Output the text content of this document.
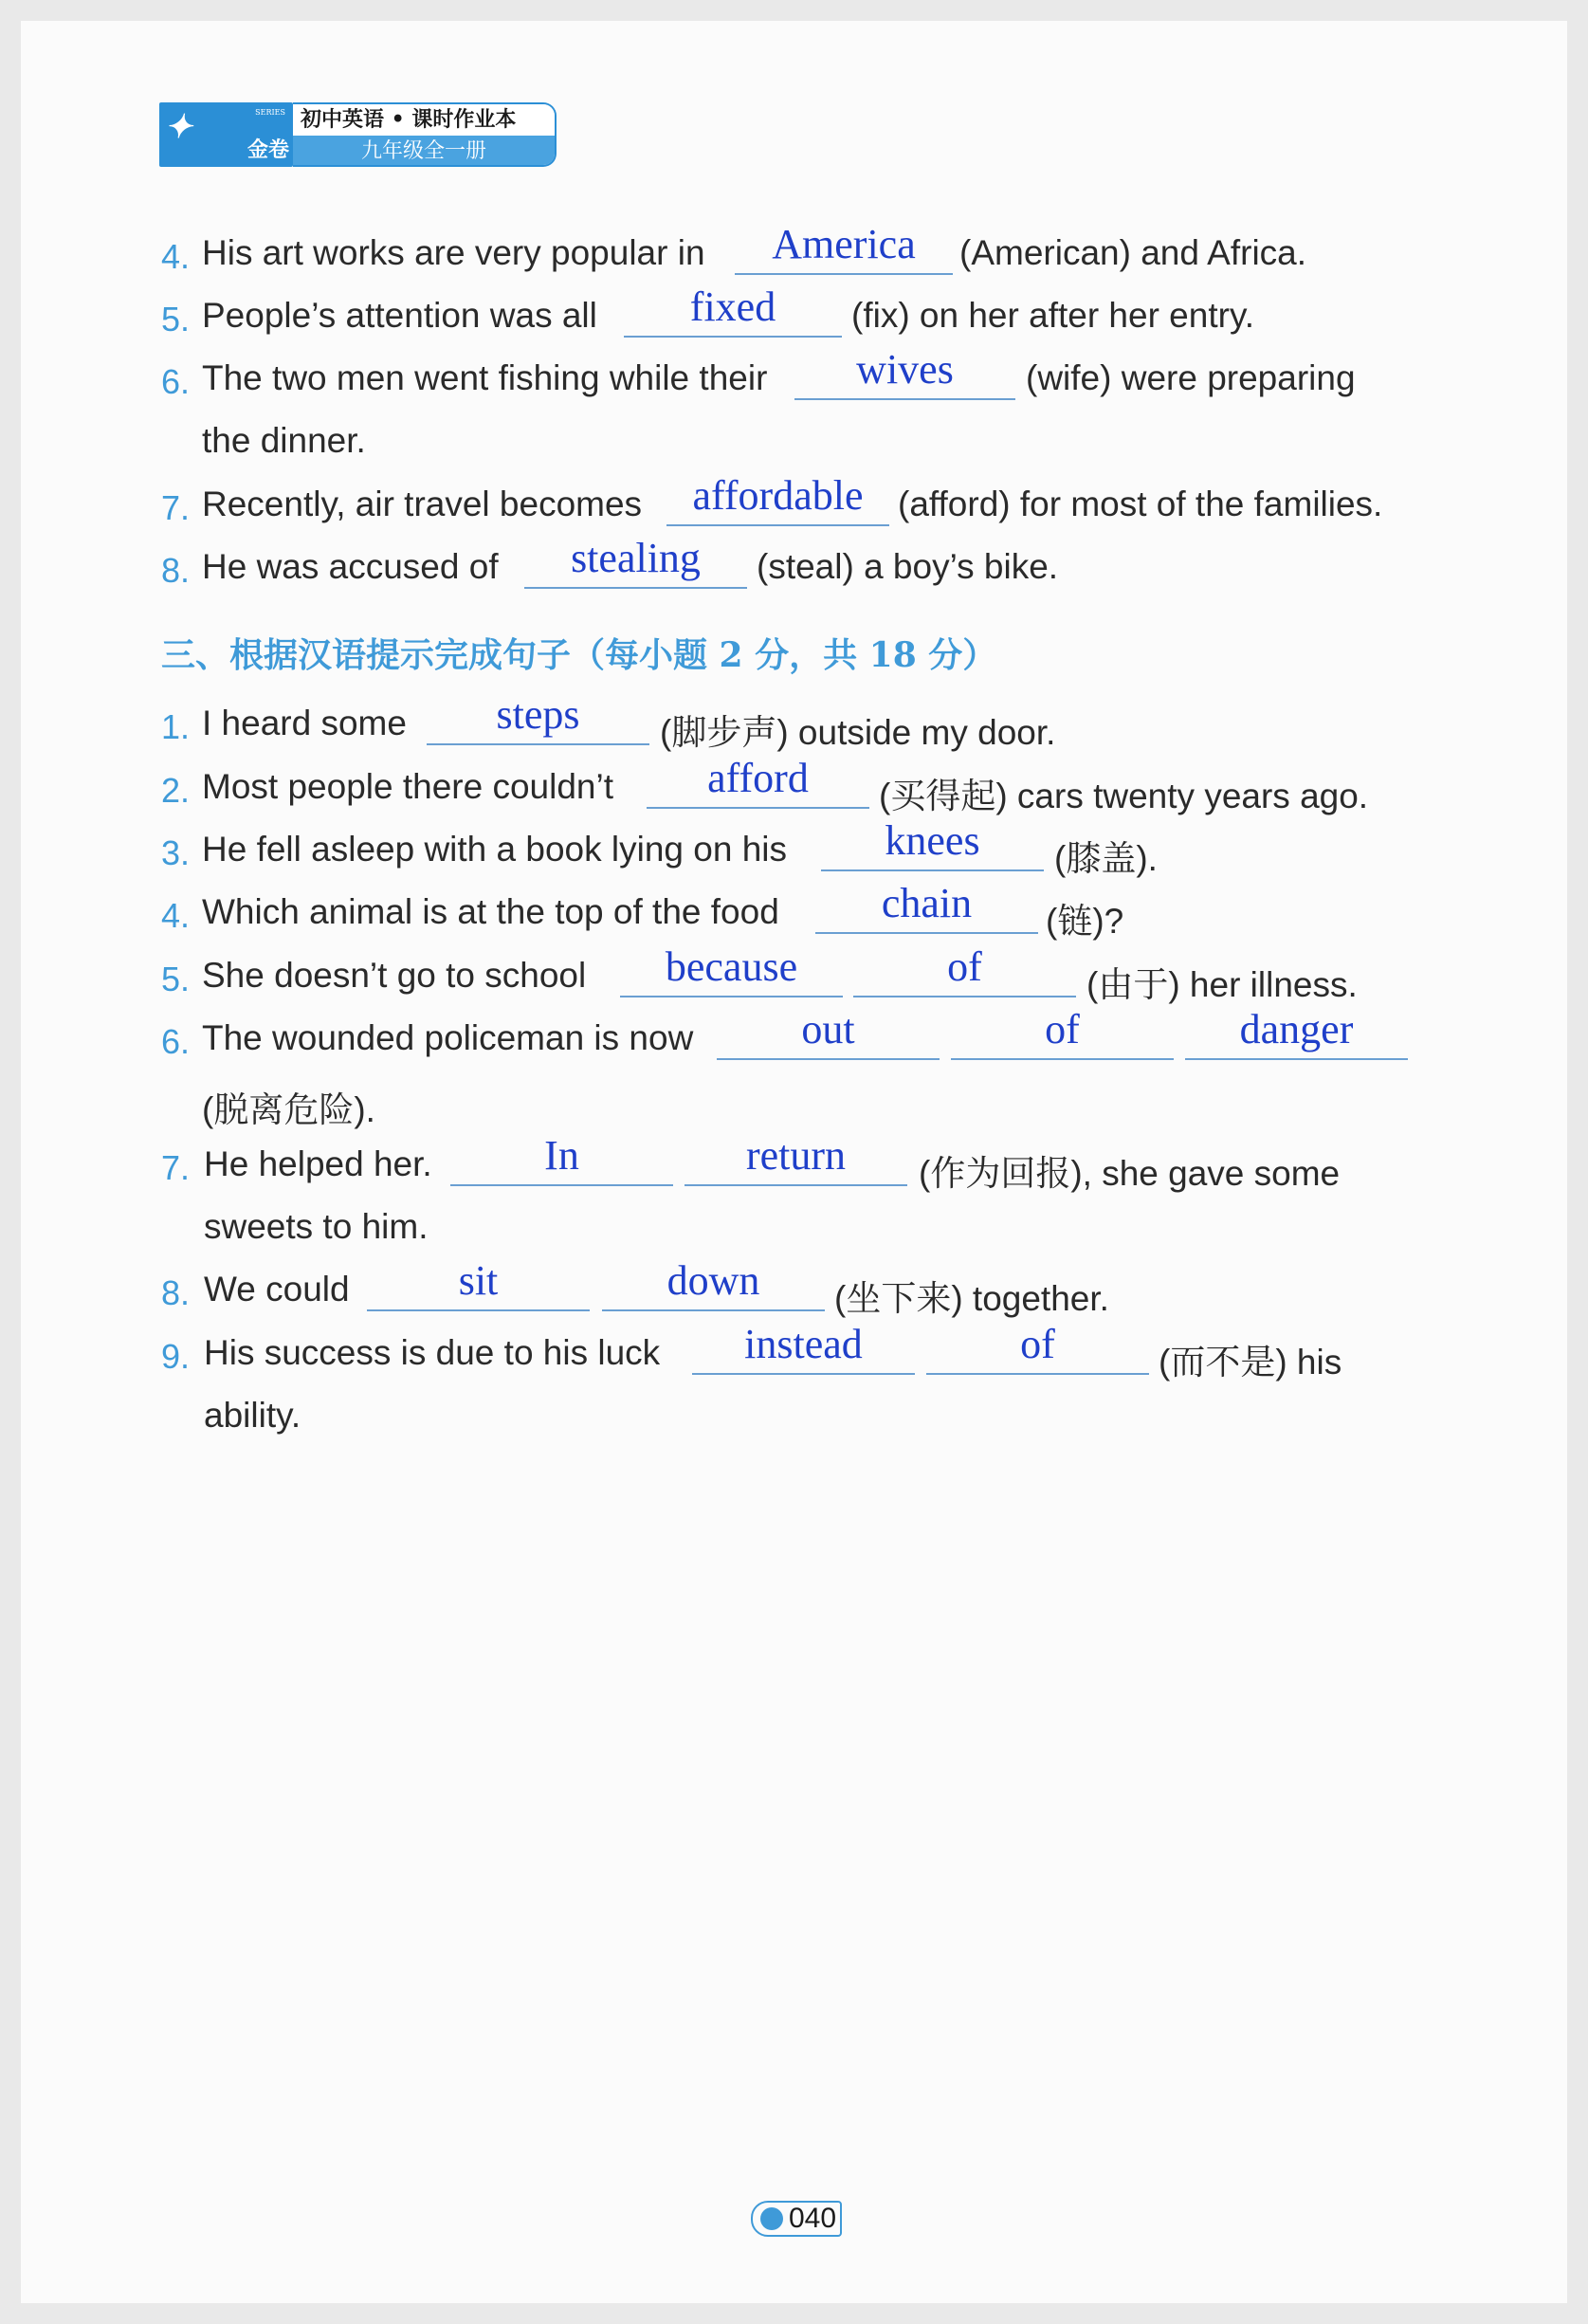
✦	SERIES
金卷
初中英语 • 课时作业本
九年级全一册
4. His art works are very popular in	America	(American) and Africa.
5. People’s attention was all	fixed	(fix) on her after her entry.
6. The two men went fishing while their	wives	(wife) were preparing
the dinner.
7. Recently, air travel becomes	affordable (afford) for most of the families.
8. He was accused of	stealing	(steal) a boy’s bike.
三、根据汉语提示完成句子（每小题 2 分，共 18 分）
1. I heard some	steps	(脚步声) outside my door.
2. Most people there couldn’t	afford	(买得起) cars twenty years ago.
3. He fell asleep with a book lying on his	knees	(膝盖).
4. Which animal is at the top of the food	chain	(链)?
5. She doesn’t go to school	because	of	(由于) her illness.
6. The wounded policeman is now	out	of	danger
(脱离危险).
7. He helped her.	In	return	(作为回报), she gave some
sweets to him.
8. We could	sit	down	(坐下来) together.
9. His success is due to his luck	instead	of	(而不是) his
ability.
040
